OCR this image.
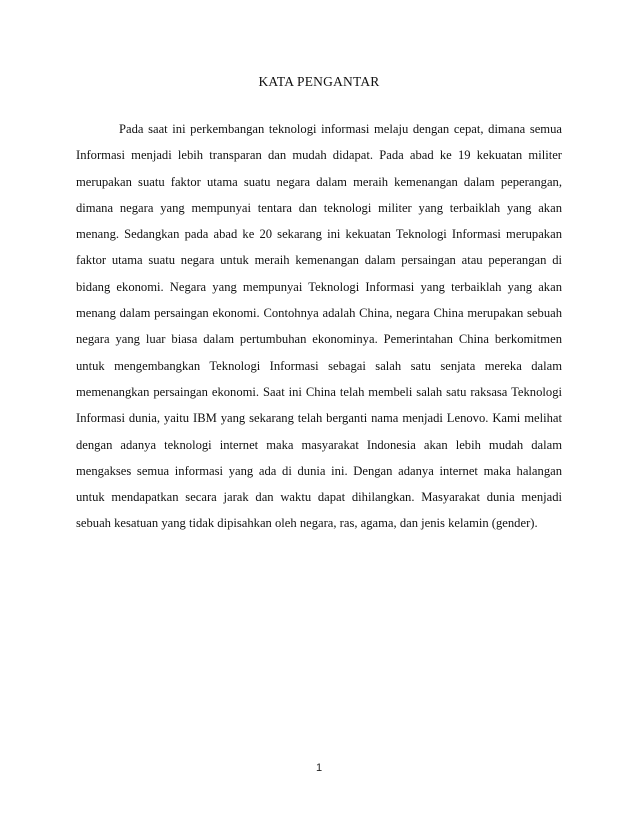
KATA PENGANTAR

Pada saat ini perkembangan teknologi informasi melaju dengan cepat, dimana semua Informasi menjadi lebih transparan dan mudah didapat. Pada abad ke 19 kekuatan militer merupakan suatu faktor utama suatu negara dalam meraih kemenangan dalam peperangan, dimana negara yang mempunyai tentara dan teknologi militer yang terbaiklah yang akan menang. Sedangkan pada abad ke 20 sekarang ini kekuatan Teknologi Informasi merupakan faktor utama suatu negara untuk meraih kemenangan dalam persaingan atau peperangan di bidang ekonomi. Negara yang mempunyai Teknologi Informasi yang terbaiklah yang akan menang dalam persaingan ekonomi. Contohnya adalah China, negara China merupakan sebuah negara yang luar biasa dalam pertumbuhan ekonominya. Pemerintahan China berkomitmen untuk mengembangkan Teknologi Informasi sebagai salah satu senjata mereka dalam memenangkan persaingan ekonomi. Saat ini China telah membeli salah satu raksasa Teknologi Informasi dunia, yaitu IBM yang sekarang telah berganti nama menjadi Lenovo. Kami melihat dengan adanya teknologi internet maka masyarakat Indonesia akan lebih mudah dalam mengakses semua informasi yang ada di dunia ini. Dengan adanya internet maka halangan untuk mendapatkan secara jarak dan waktu dapat dihilangkan. Masyarakat dunia menjadi sebuah kesatuan yang tidak dipisahkan oleh negara, ras, agama, dan jenis kelamin (gender).

1
